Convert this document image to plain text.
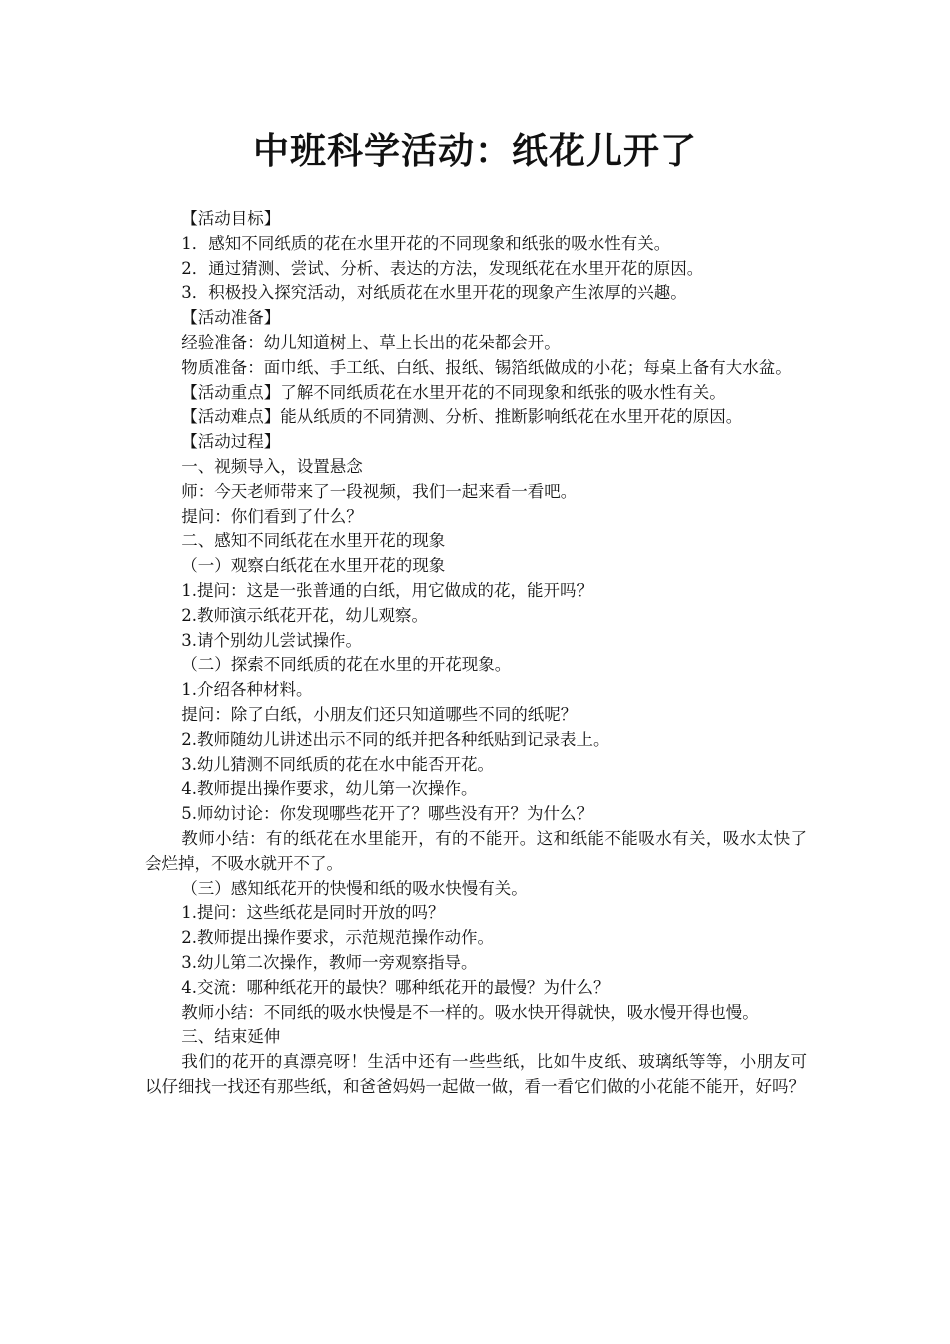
中班科学活动：纸花儿开了

【活动目标】

1．感知不同纸质的花在水里开花的不同现象和纸张的吸水性有关。

2．通过猜测、尝试、分析、表达的方法，发现纸花在水里开花的原因。

3．积极投入探究活动，对纸质花在水里开花的现象产生浓厚的兴趣。

【活动准备】

经验准备：幼儿知道树上、草上长出的花朵都会开。

物质准备：面巾纸、手工纸、白纸、报纸、锡箔纸做成的小花；每桌上备有大水盆。

【活动重点】了解不同纸质花在水里开花的不同现象和纸张的吸水性有关。

【活动难点】能从纸质的不同猜测、分析、推断影响纸花在水里开花的原因。

【活动过程】

一、视频导入，设置悬念

师：今天老师带来了一段视频，我们一起来看一看吧。

提问：你们看到了什么？

二、感知不同纸花在水里开花的现象

（一）观察白纸花在水里开花的现象

1.提问：这是一张普通的白纸，用它做成的花，能开吗？

2.教师演示纸花开花，幼儿观察。

3.请个别幼儿尝试操作。

（二）探索不同纸质的花在水里的开花现象。

1.介绍各种材料。

提问：除了白纸，小朋友们还只知道哪些不同的纸呢？

2.教师随幼儿讲述出示不同的纸并把各种纸贴到记录表上。

3.幼儿猜测不同纸质的花在水中能否开花。

4.教师提出操作要求，幼儿第一次操作。

5.师幼讨论：你发现哪些花开了？哪些没有开？为什么？

教师小结：有的纸花在水里能开，有的不能开。这和纸能不能吸水有关，吸水太快了会烂掉，不吸水就开不了。

（三）感知纸花开的快慢和纸的吸水快慢有关。

1.提问：这些纸花是同时开放的吗？

2.教师提出操作要求，示范规范操作动作。

3.幼儿第二次操作，教师一旁观察指导。

4.交流：哪种纸花开的最快？哪种纸花开的最慢？为什么？

教师小结：不同纸的吸水快慢是不一样的。吸水快开得就快，吸水慢开得也慢。

三、结束延伸

我们的花开的真漂亮呀！生活中还有一些些纸，比如牛皮纸、玻璃纸等等，小朋友可以仔细找一找还有那些纸，和爸爸妈妈一起做一做，看一看它们做的小花能不能开，好吗？
